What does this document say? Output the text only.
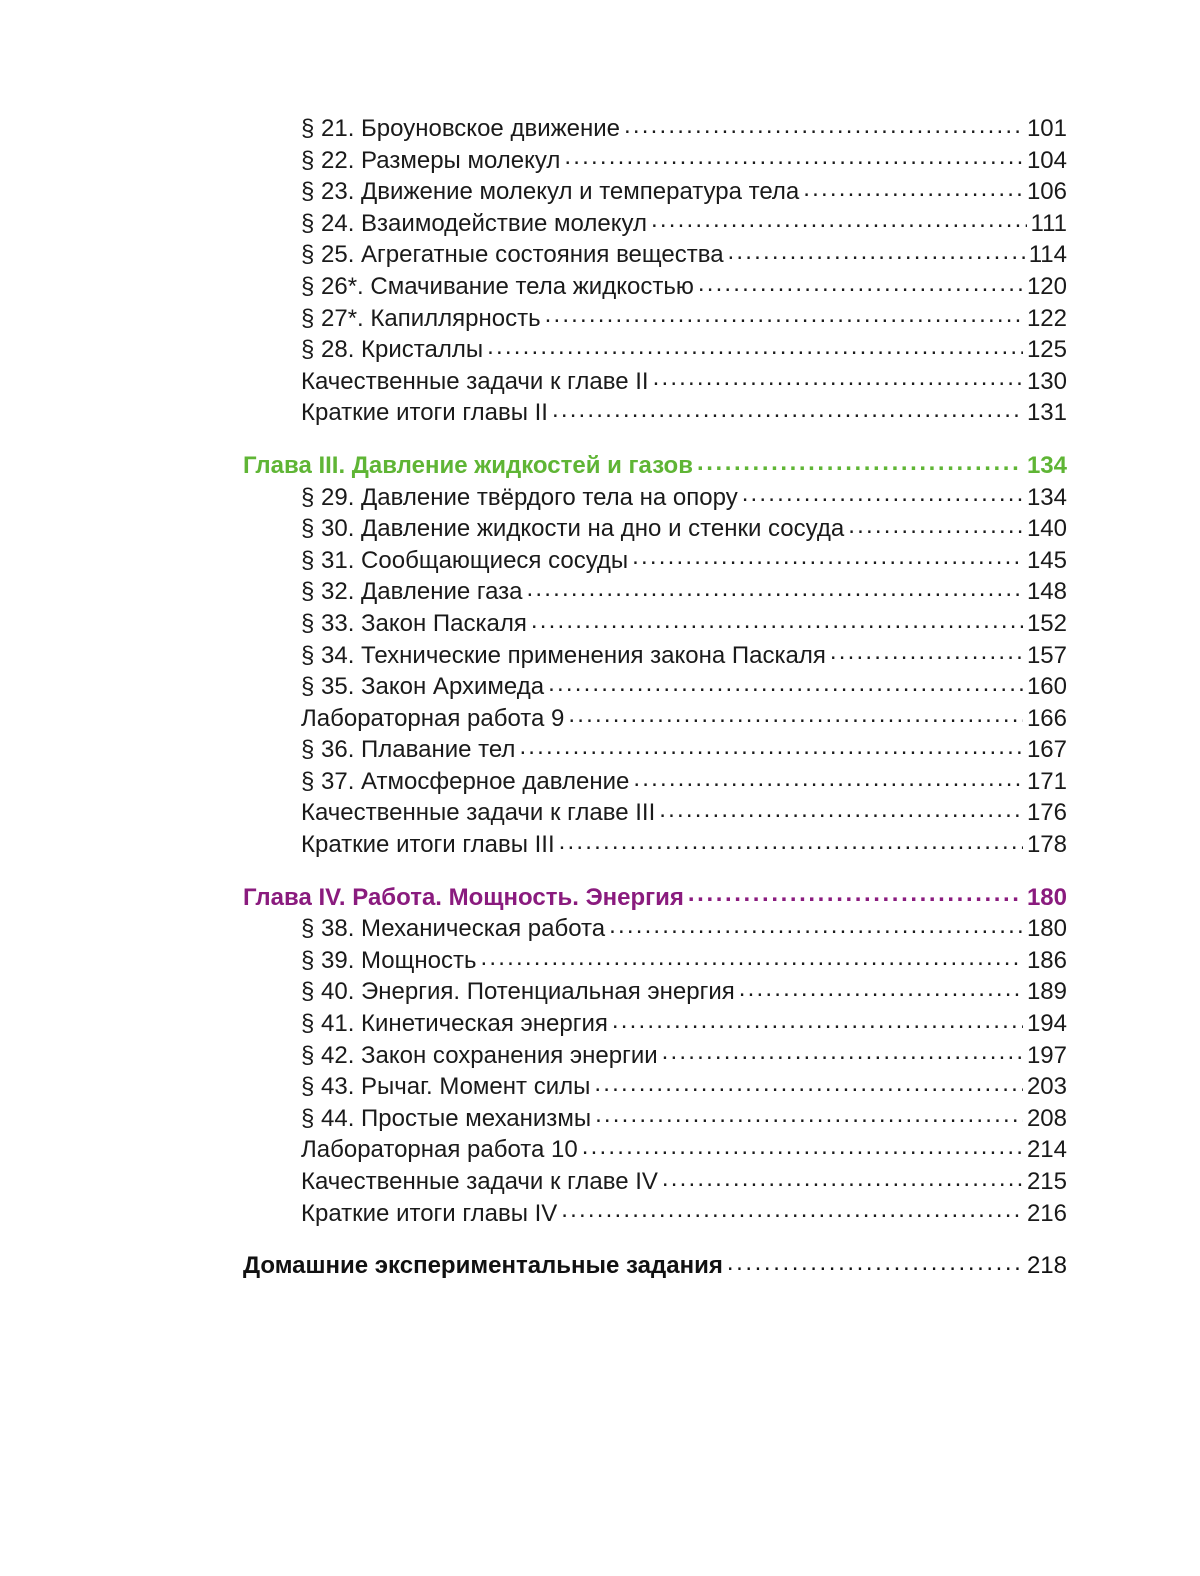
§ 21. Броуновское движение .....	101
§ 22. Размеры молекул .....	104
§ 23. Движение молекул и температура тела .....	106
§ 24. Взаимодействие молекул .....	111
§ 25. Агрегатные состояния вещества .....	114
§ 26*. Смачивание тела жидкостью .....	120
§ 27*. Капиллярность .....	122
§ 28. Кристаллы .....	125
Качественные задачи к главе II .....	130
Краткие итоги главы II .....	131
Глава III. Давление жидкостей и газов .....	134
§ 29. Давление твёрдого тела на опору .....	134
§ 30. Давление жидкости на дно и стенки сосуда .....	140
§ 31. Сообщающиеся сосуды .....	145
§ 32. Давление газа .....	148
§ 33. Закон Паскаля .....	152
§ 34. Технические применения закона Паскаля .....	157
§ 35. Закон Архимеда .....	160
Лабораторная работа 9 .....	166
§ 36. Плавание тел .....	167
§ 37. Атмосферное давление .....	171
Качественные задачи к главе III .....	176
Краткие итоги главы III .....	178
Глава IV. Работа. Мощность. Энергия .....	180
§ 38. Механическая работа .....	180
§ 39. Мощность .....	186
§ 40. Энергия. Потенциальная энергия .....	189
§ 41. Кинетическая энергия .....	194
§ 42. Закон сохранения энергии .....	197
§ 43. Рычаг. Момент силы .....	203
§ 44. Простые механизмы .....	208
Лабораторная работа 10 .....	214
Качественные задачи к главе IV .....	215
Краткие итоги главы IV .....	216
Домашние экспериментальные задания .....	218
